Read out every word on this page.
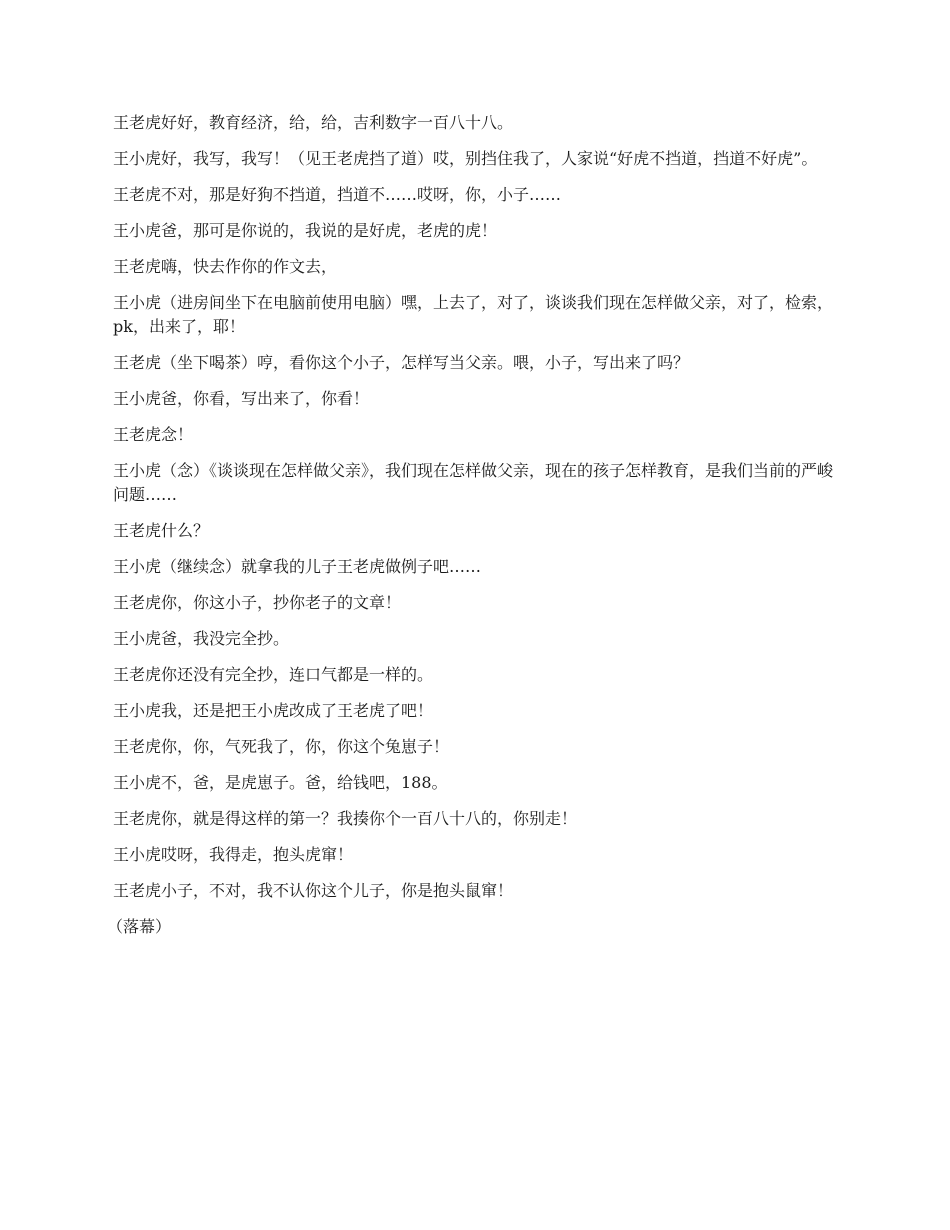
王老虎好好，教育经济，给，给，吉利数字一百八十八。

王小虎好，我写，我写！（见王老虎挡了道）哎，别挡住我了，人家说“好虎不挡道，挡道不好虎”。

王老虎不对，那是好狗不挡道，挡道不……哎呀，你，小子……

王小虎爸，那可是你说的，我说的是好虎，老虎的虎！

王老虎嗨，快去作你的作文去，

王小虎（进房间坐下在电脑前使用电脑）嘿，上去了，对了，谈谈我们现在怎样做父亲，对了，检索，pk，出来了，耶！

王老虎（坐下喝茶）哼，看你这个小子，怎样写当父亲。喂，小子，写出来了吗？

王小虎爸，你看，写出来了，你看！

王老虎念！

王小虎（念）《谈谈现在怎样做父亲》，我们现在怎样做父亲，现在的孩子怎样教育，是我们当前的严峻问题……

王老虎什么？

王小虎（继续念）就拿我的儿子王老虎做例子吧……

王老虎你，你这小子，抄你老子的文章！

王小虎爸，我没完全抄。

王老虎你还没有完全抄，连口气都是一样的。

王小虎我，还是把王小虎改成了王老虎了吧！

王老虎你，你，气死我了，你，你这个兔崽子！

王小虎不，爸，是虎崽子。爸，给钱吧，188。

王老虎你，就是得这样的第一？我揍你个一百八十八的，你别走！

王小虎哎呀，我得走，抱头虎窜！

王老虎小子，不对，我不认你这个儿子，你是抱头鼠窜！

（落幕）
